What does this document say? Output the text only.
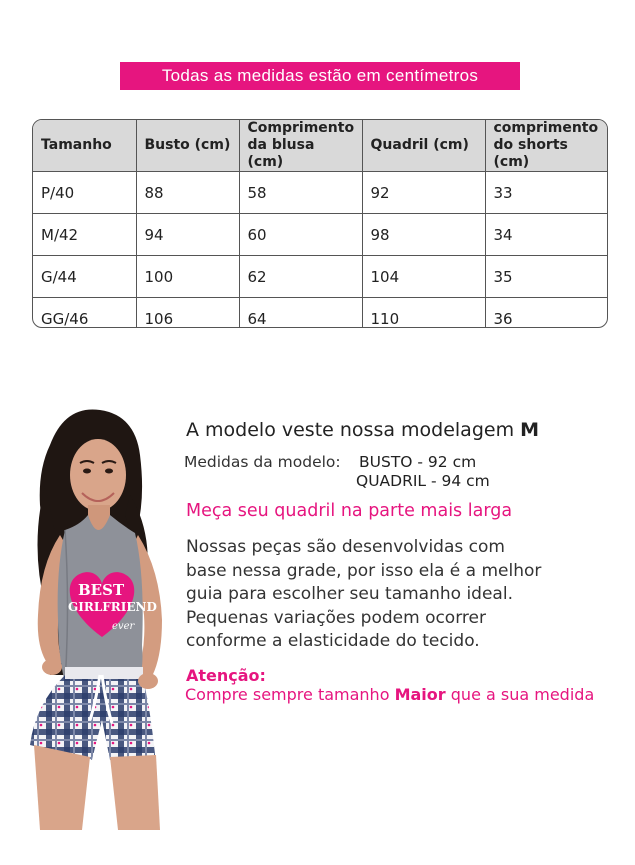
Todas as medidas estão em centímetros
Tamanho	Busto (cm)	Comprimento da blusa (cm)	Quadril (cm)	comprimento do shorts (cm)
P/40	88	58	92	33
M/42	94	60	98	34
G/44	100	62	104	35
GG/46	106	64	110	36
BEST
GIRLFRIEND
ever
A modelo veste nossa modelagem M
Medidas da modelo: BUSTO - 92 cm
QUADRIL - 94 cm
Meça seu quadril na parte mais larga
Nossas peças são desenvolvidas com
base nessa grade, por isso ela é a melhor
guia para escolher seu tamanho ideal.
Pequenas variações podem ocorrer
conforme a elasticidade do tecido.
Atenção:
Compre sempre tamanho Maior que a sua medida
